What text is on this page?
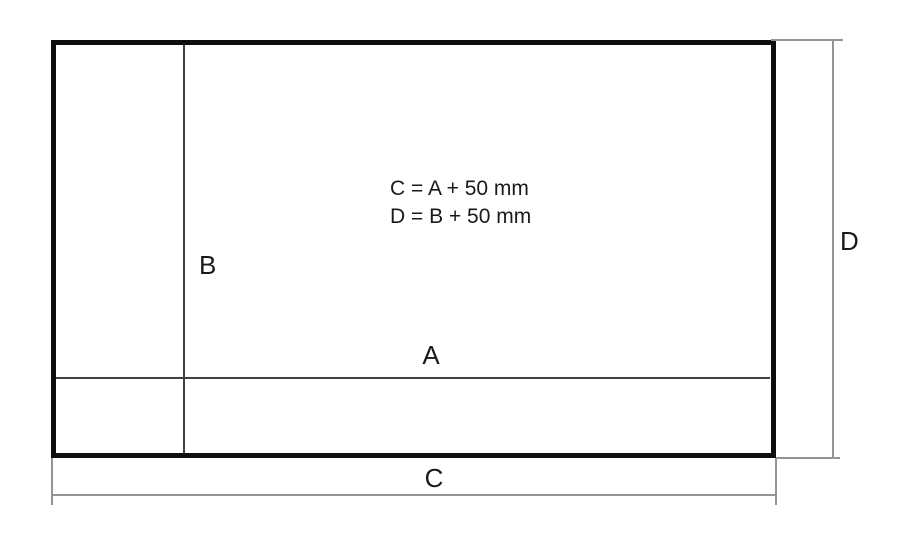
C = A + 50 mm
D = B + 50 mm
A
B
D
C
